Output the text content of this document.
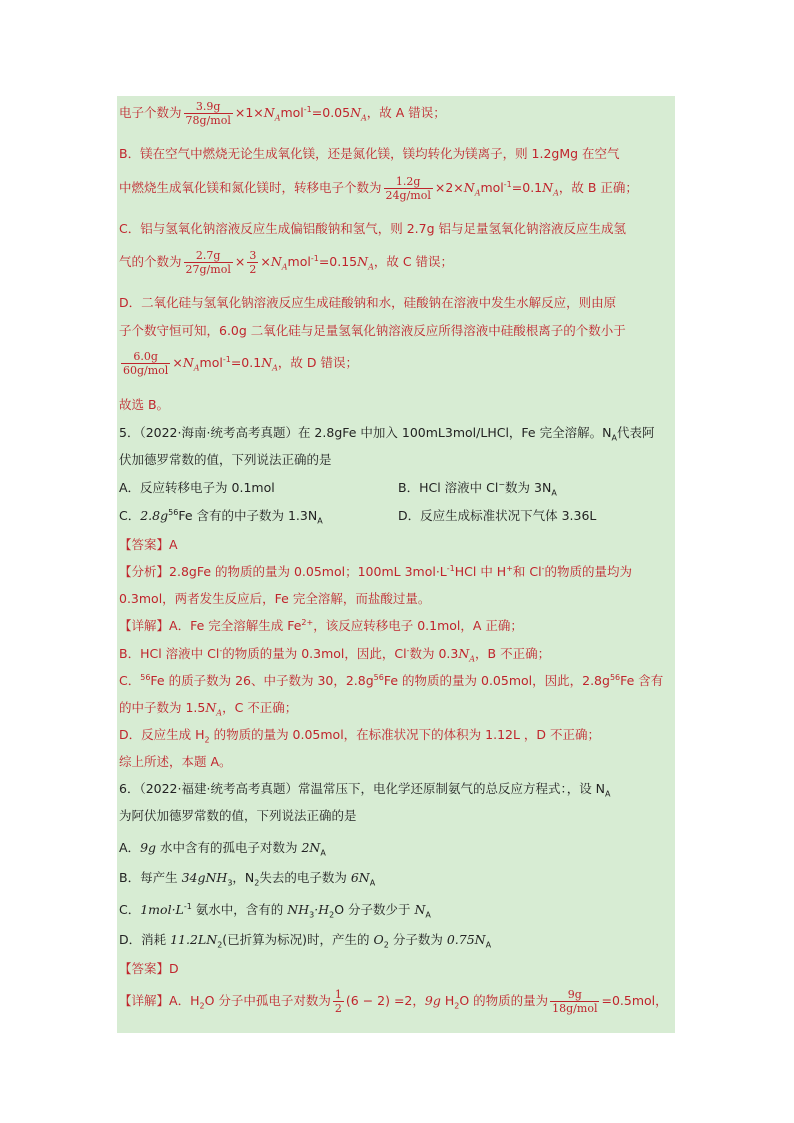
电子个数为 $\frac{3.9g}{\text{78g/mol}} \times 1\times N_Amol^{-1}=0.05N_A$，故 A 错误；
B．镁在空气中燃烧无论生成氧化镁，还是氮化镁，镁均转化为镁离子，则 1.2gMg 在空气
中燃烧生成氧化镁和氮化镁时，转移电子个数为 $\frac{1.2g}{\text{24g/mol}} \times 2\times N_Amol^{-1}=0.1N_A$，故 B 正确；
C．铝与氢氧化钠溶液反应生成偏铝酸钠和氢气，则 2.7g 铝与足量氢氧化钠溶液反应生成氢
气的个数为 $\frac{2.7g}{\text{27g/mol}} \times \frac{3}{2} \times N_Amol^{-1}=0.15N_A$，故 C 错误；
D．二氧化硅与氢氧化钠溶液反应生成硅酸钠和水，硅酸钠在溶液中发生水解反应，则由原
子个数守恒可知，6.0g 二氧化硅与足量氢氧化钠溶液反应所得溶液中硅酸根离子的个数小于
$\frac{6.0g}{\text{60g/mol}} \times N_Amol^{-1}=0.1N_A$，故 D 错误；
故选 B。
5．（2022·海南·统考高考真题）在 2.8gFe 中加入 100mL3mol/LHCl，Fe 完全溶解。$N_A$代表阿
伏加德罗常数的值，下列说法正确的是
A．反应转移电子为 0.1mol	B．HCl 溶液中 Cl−数为 $3N_A$
C．$2.8g^{56}Fe$ 含有的中子数为 $1.3N_A$	D．反应生成标准状况下气体 3.36L
【答案】A
【分析】2.8gFe 的物质的量为 0.05mol；100mL $3mol\cdot L^{-1}HCl$ 中 H+和 Cl-的物质的量均为
0.3mol，两者发生反应后，Fe 完全溶解，而盐酸过量。
【详解】A．Fe 完全溶解生成 $Fe^{2+}$，该反应转移电子 0.1mol，A 正确；
B．HCl 溶液中 Cl-的物质的量为 0.3mol，因此，Cl-数为 $0.3N_A$，B 不正确；
C．$^{56}$Fe 的质子数为 26、中子数为 30，$2.8g^{56}Fe$ 的物质的量为 0.05mol，因此，$2.8g^{56}Fe$ 含有
的中子数为 $1.5N_A$，C 不正确；
D．反应生成 $H_2$ 的物质的量为 0.05mol，在标准状况下的体积为 1.12L ，D 不正确；
综上所述，本题 A。
6．（2022·福建·统考高考真题）常温常压下，电化学还原制氨气的总反应方程式：，设 $N_A$
为阿伏加德罗常数的值，下列说法正确的是
A．9g 水中含有的孤电子对数为 $2N_A$
B．每产生 34gNH$_3$，$N_2$失去的电子数为 $6N_A$
C．$1mol\cdot L^{-1}$ 氨水中，含有的 $NH_3\cdot H_2O$ 分子数少于 $N_A$
D．消耗 $11.2LN_2$(已折算为标况)时，产生的 $O_2$ 分子数为 $0.75N_A$
【答案】D
【详解】A．$H_2O$ 分子中孤电子对数为 $\frac{1}{2} (6 - 2) =2$，9g $H_2O$ 的物质的量为 $\frac{9g}{\text{18g/mol}} =0.5mol$，
